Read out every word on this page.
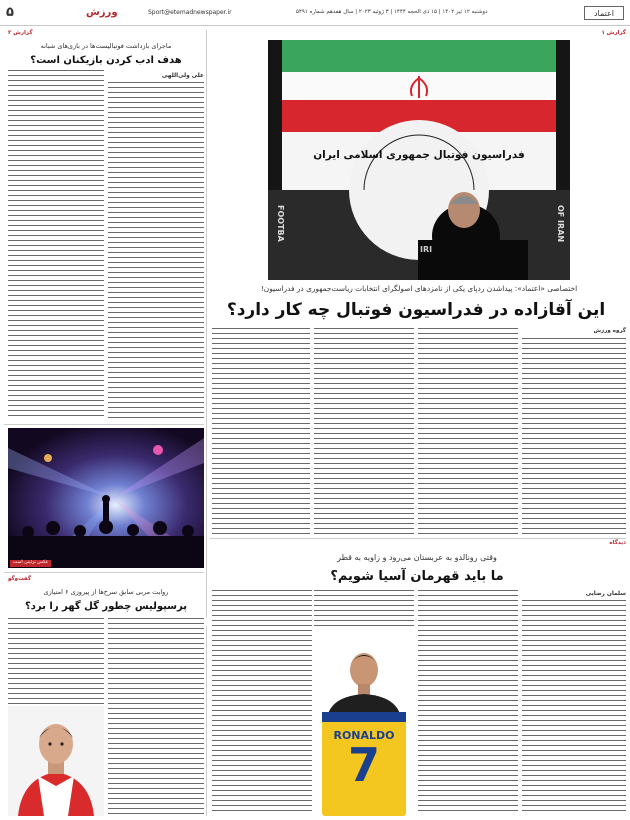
۵	ورزش	Sport@etemadnewspaper.ir	دوشنبه ۱۲ تیر ۱۴۰۲ | ۱۵ ذی الحجه ۱۴۴۴ | ۳ ژوئیه ۲۰۲۳ | سال هفدهم شماره ۵۴۹۱	اعتماد
گزارش ۲
ماجرای بازداشت فوتبالیست‌ها در بازی‌های شبانه
هدف ادب کردن بازیکنان است؟
علی ولی‌اللهی
عکس تزئینی است
گفت‌وگو
روایت مربی سابق سرخ‌ها از پیروزی ۶ امتیازی
پرسپولیس چطور گل گهر را برد؟
گزارش ۱
فدراسیون فوتبال جمهوری اسلامی ایران
FOOTBA
IRI
OF IRAN
اختصاصی «اعتماد»: پیداشدن ردپای یکی از نامزدهای اصولگرای انتخابات ریاست‌جمهوری در فدراسیون!
این آقازاده در فدراسیون فوتبال چه کار دارد؟
گروه ورزش
دیدگاه
وقتی رونالدو به عربستان می‌رود و زاویه به قطر
ما باید قهرمان آسیا شویم؟
سلمان رضایی
RONALDO
7
